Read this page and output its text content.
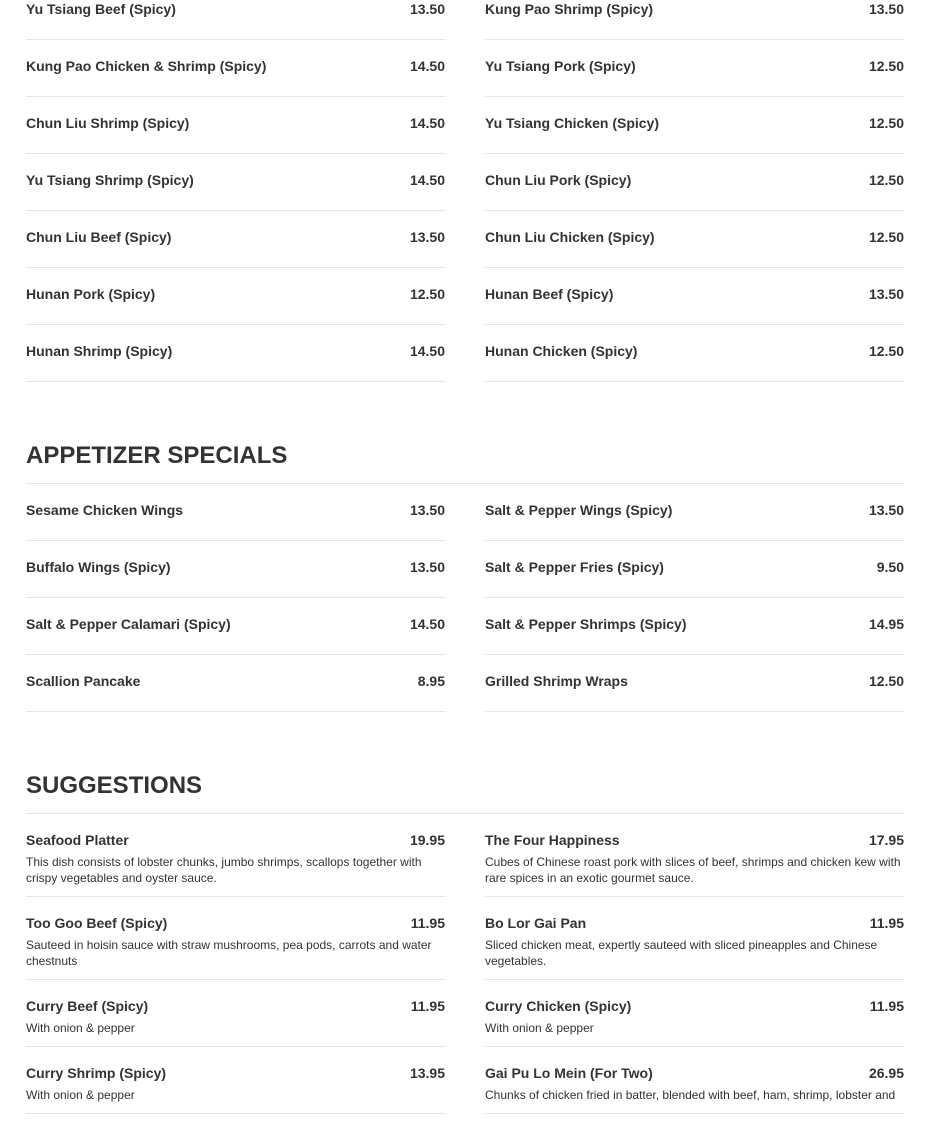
Yu Tsiang Beef (Spicy)	13.50	Kung Pao Shrimp (Spicy)	13.50
Kung Pao Chicken & Shrimp (Spicy)	14.50	Yu Tsiang Pork (Spicy)	12.50
Chun Liu Shrimp (Spicy)	14.50	Yu Tsiang Chicken (Spicy)	12.50
Yu Tsiang Shrimp (Spicy)	14.50	Chun Liu Pork (Spicy)	12.50
Chun Liu Beef (Spicy)	13.50	Chun Liu Chicken (Spicy)	12.50
Hunan Pork (Spicy)	12.50	Hunan Beef (Spicy)	13.50
Hunan Shrimp (Spicy)	14.50	Hunan Chicken (Spicy)	12.50
APPETIZER SPECIALS
Sesame Chicken Wings	13.50	Salt & Pepper Wings (Spicy)	13.50
Buffalo Wings (Spicy)	13.50	Salt & Pepper Fries (Spicy)	9.50
Salt & Pepper Calamari (Spicy)	14.50	Salt & Pepper Shrimps (Spicy)	14.95
Scallion Pancake	8.95	Grilled Shrimp Wraps	12.50
SUGGESTIONS
Seafood Platter	19.95
This dish consists of lobster chunks, jumbo shrimps, scallops together with crispy vegetables and oyster sauce.
The Four Happiness	17.95
Cubes of Chinese roast pork with slices of beef, shrimps and chicken kew with rare spices in an exotic gourmet sauce.
Too Goo Beef (Spicy)	11.95
Sauteed in hoisin sauce with straw mushrooms, pea pods, carrots and water chestnuts
Bo Lor Gai Pan	11.95
Sliced chicken meat, expertly sauteed with sliced pineapples and Chinese vegetables.
Curry Beef (Spicy)	11.95
With onion & pepper
Curry Chicken (Spicy)	11.95
With onion & pepper
Curry Shrimp (Spicy)	13.95
With onion & pepper
Gai Pu Lo Mein (For Two)	26.95
Chunks of chicken fried in batter, blended with beef, ham, shrimp, lobster and
